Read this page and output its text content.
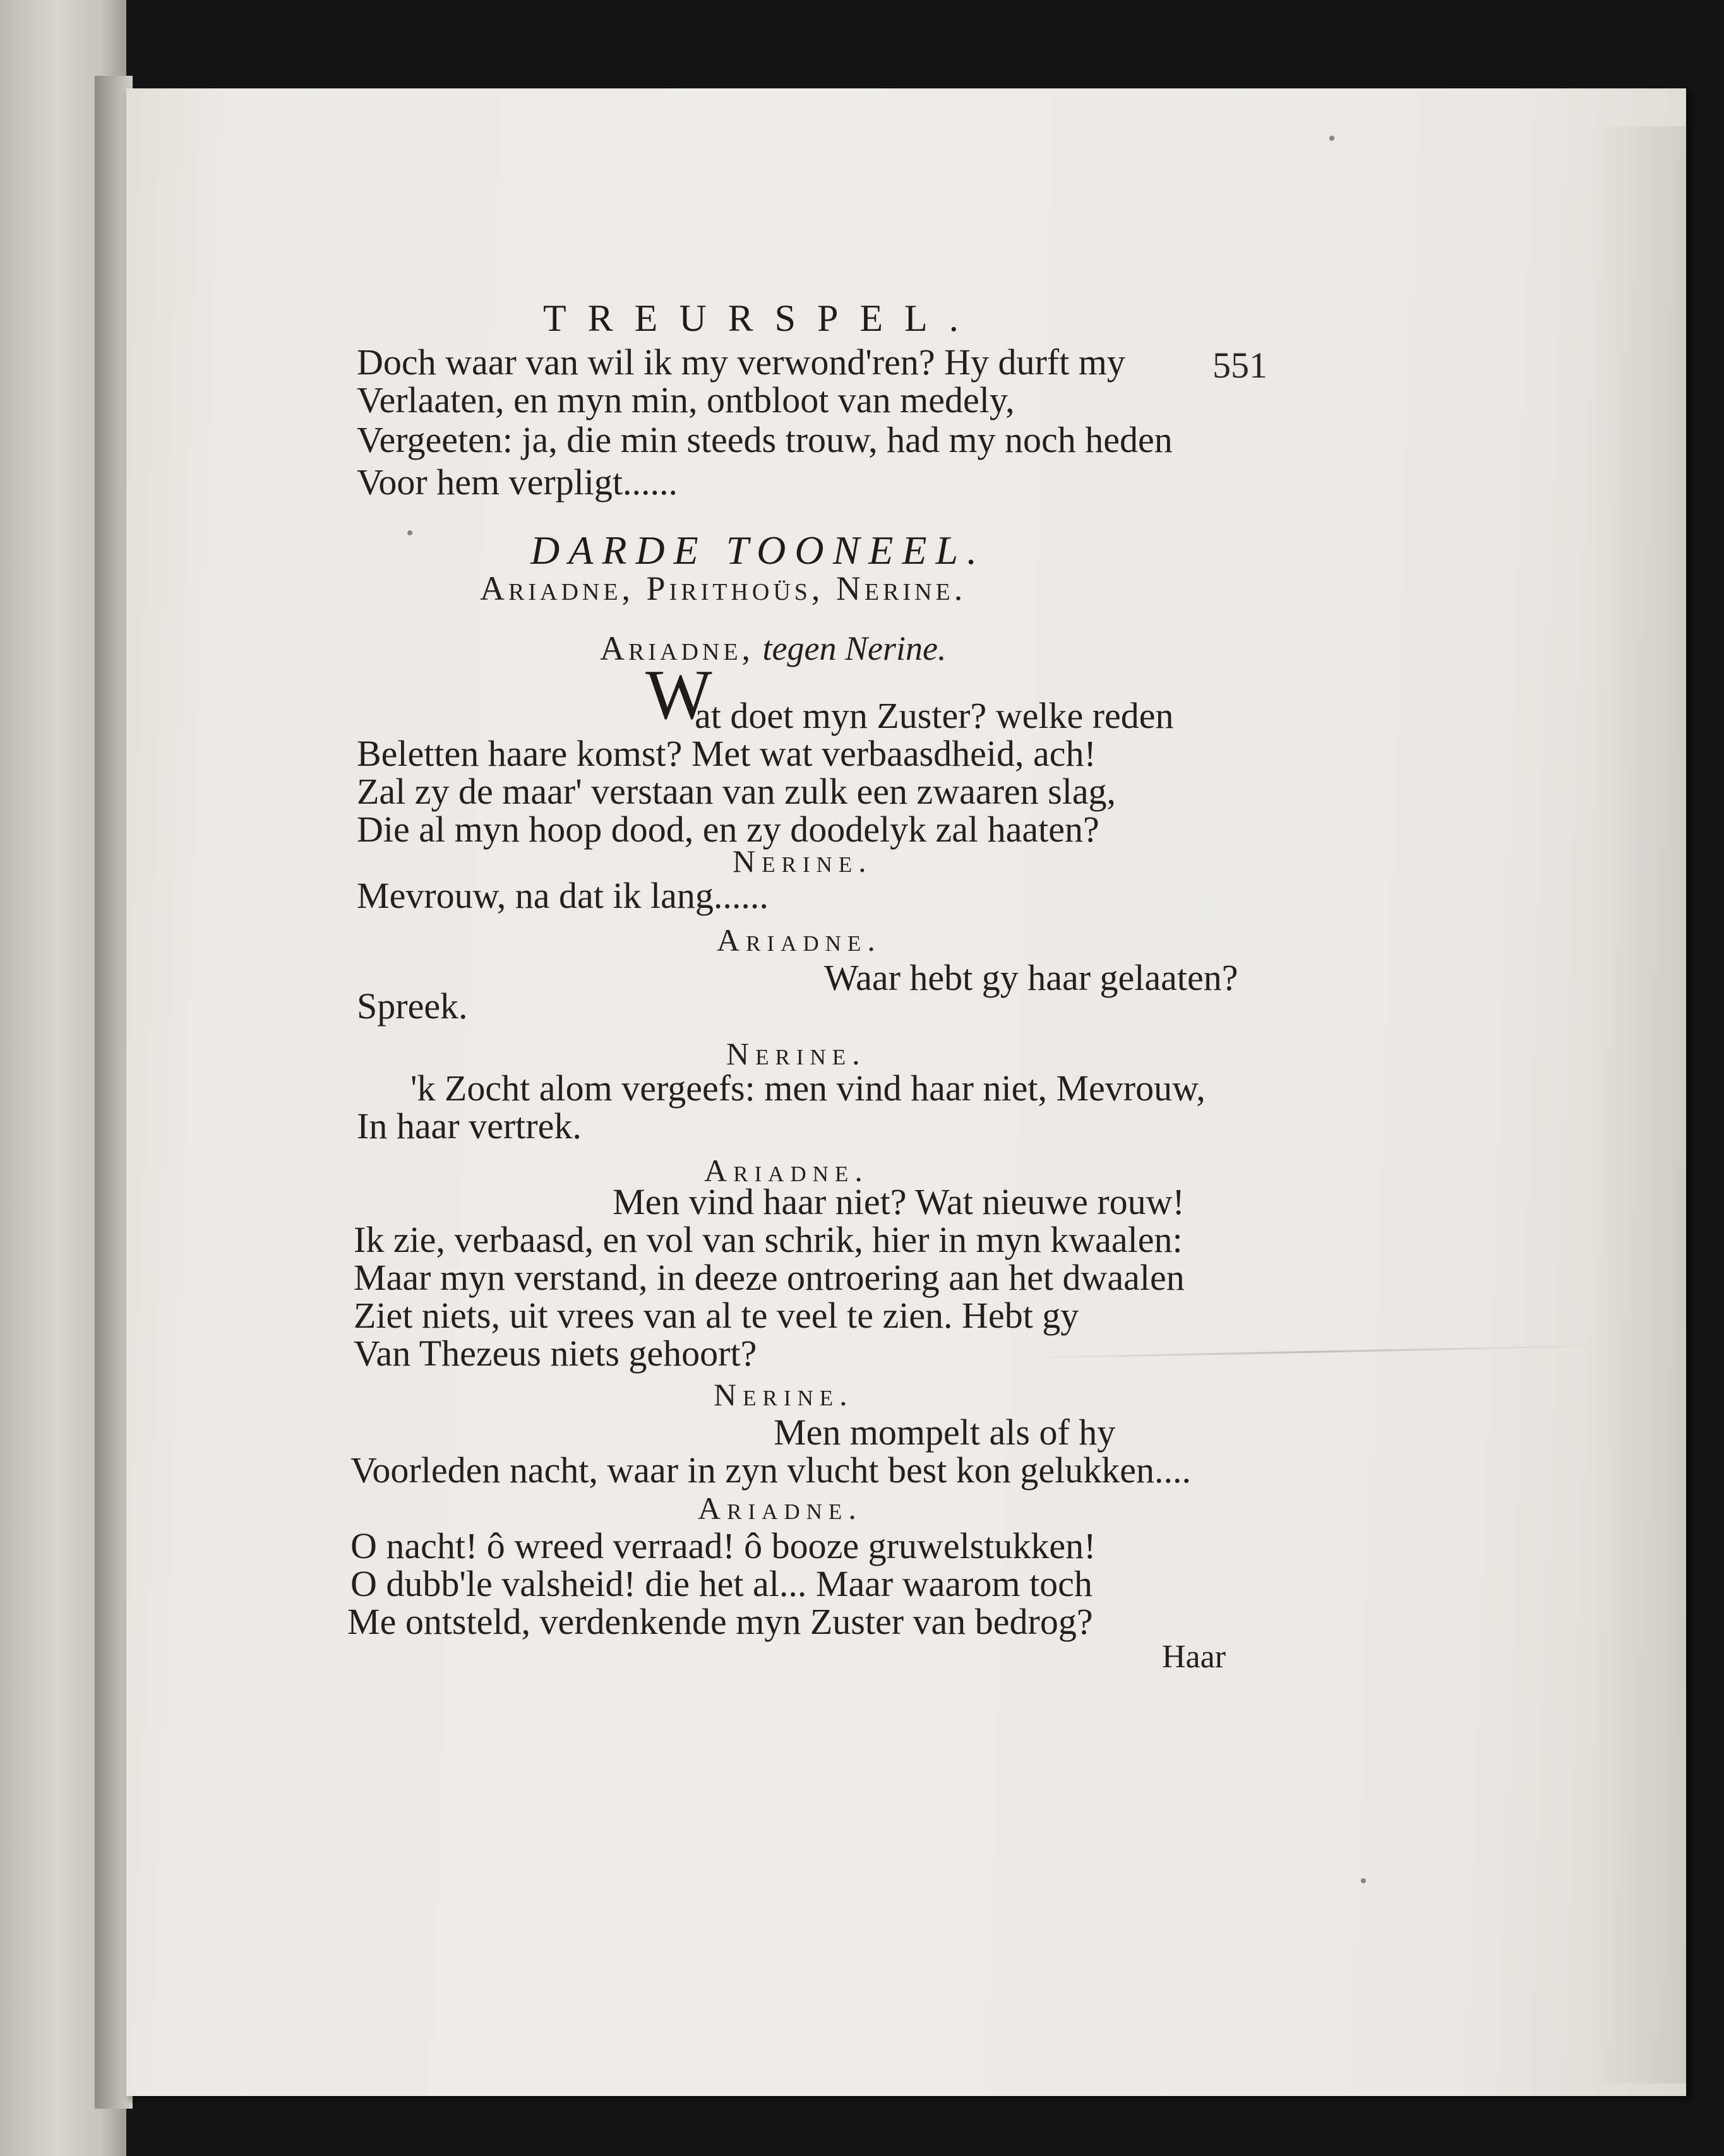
TREURSPEL.
551
Doch waar van wil ik my verwond'ren? Hy durft my
Verlaaten, en myn min, ontbloot van medely,
Vergeeten: ja, die min steeds trouw, had my noch heden
Voor hem verpligt......
DARDE TOONEEL.
Ariadne, Pirithoüs, Nerine.
Ariadne, tegen Nerine.
W
at doet myn Zuster? welke reden
Beletten haare komst? Met wat verbaasdheid, ach!
Zal zy de maar' verstaan van zulk een zwaaren slag,
Die al myn hoop dood, en zy doodelyk zal haaten?
Nerine.
Mevrouw, na dat ik lang......
Ariadne.
Waar hebt gy haar gelaaten?
Spreek.
Nerine.
'k Zocht alom vergeefs: men vind haar niet, Mevrouw,
In haar vertrek.
Ariadne.
Men vind haar niet? Wat nieuwe rouw!
Ik zie, verbaasd, en vol van schrik, hier in myn kwaalen:
Maar myn verstand, in deeze ontroering aan het dwaalen
Ziet niets, uit vrees van al te veel te zien. Hebt gy
Van Thezeus niets gehoort?
Nerine.
Men mompelt als of hy
Voorleden nacht, waar in zyn vlucht best kon gelukken....
Ariadne.
O nacht! ô wreed verraad! ô booze gruwelstukken!
O dubb'le valsheid! die het al... Maar waarom toch
Me ontsteld, verdenkende myn Zuster van bedrog?
Haar
